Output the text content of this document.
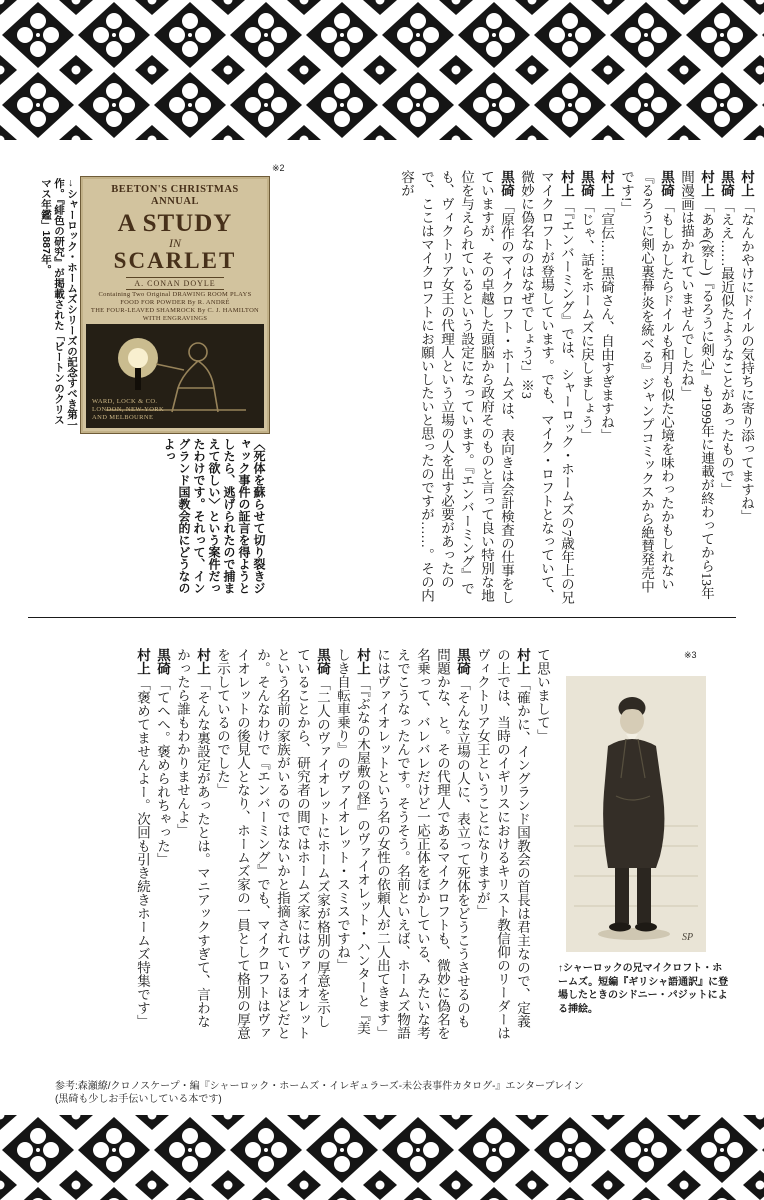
※2

村上「なんかやけにドイルの気持ちに寄り添ってますね」

黒碕「ええ……最近似たようなことがあったもので」

村上「ああ(察し)『るろうに剣心』も1999年に連載が終わってから13年間漫画は描かれていませんでしたね」

黒碕「もしかしたらドイルも和月も似た心境を味わったかもしれない『るろうに剣心裏幕-炎を統べる』ジャンプコミックスから絶賛発売中です!」

村上「宣伝……黒碕さん、自由すぎますね」

黒碕「じゃ、話をホームズに戻しましょう」

村上「『エンバーミング』では、シャーロック・ホームズの7歳年上の兄マイクロフトが登場しています。でも、マイク・ロフトとなっていて、微妙に偽名なのはなぜでしょう?」※3

黒碕「原作のマイクロフト・ホームズは、表向きは会計検査の仕事をしていますが、その卓越した頭脳から政府そのものと言って良い特別な地位を与えられているという設定になっています。『エンバーミング』でも、ヴィクトリア女王の代理人という立場の人を出す必要があったので、ここはマイクロフトにお願いしたいと思ったのですが……。その内容が

BEETON'S CHRISTMAS ANNUAL
A STUDY
IN
SCARLET
A. CONAN DOYLE
Containing Two Original DRAWING ROOM PLAYS
FOOD FOR POWDER By R. ANDRÉ
THE FOUR-LEAVED SHAMROCK By C. J. HAMILTON
WITH ENGRAVINGS
WARD, LOCK & CO.
LONDON, NEW-YORK
AND MELBOURNE
→シャーロック・ホームズシリーズの記念すべき第一作。『緋色の研究』が掲載された「ビートンのクリスマス年鑑」1887年。
〈死体を蘇らせて切り裂きジャック事件の証言を得ようとしたら、逃げられたので捕まえて欲しい〉という案件だったわけです。それって、イングランド国教会的にどうなのよっ
※3
SP
↑シャーロックの兄マイクロフト・ホームズ。短編『ギリシャ語通訳』に登場したときのシドニー・パジットによる挿絵。

て思いまして」

村上「確かに、イングランド国教会の首長は君主なので、定義の上では、当時のイギリスにおけるキリスト教信仰のリーダーはヴィクトリア女王ということになりますが」

黒碕「そんな立場の人に、表立って死体をどうこうさせるのも問題かな、と。その代理人であるマイクロフトも、微妙に偽名を名乗って、バレバレだけど一応正体をぼかしている、みたいな考えでこうなったんです。そうそう。名前といえば、ホームズ物語にはヴァイオレットという名の女性の依頼人が二人出てきます」

村上「『ぶなの木屋敷の怪』のヴァイオレット・ハンターと『美しき自転車乗り』のヴァイオレット・スミスですね」

黒碕「二人のヴァイオレットにホームズ家が格別の厚意を示していることから、研究者の間ではホームズ家にはヴァイオレットという名前の家族がいるのではないかと指摘されているほどだとか。そんなわけで『エンバーミング』でも、マイクロフトはヴァイオレットの後見人となり、ホームズ家の一員として格別の厚意を示しているのでした」

村上「そんな裏設定があったとは。マニアックすぎて、言わなかったら誰もわかりませんよ」

黒碕「てへへ。褒められちゃった」

村上「褒めてませんよー。次回も引き続きホームズ特集です」

参考:森瀬繚/クロノスケープ・編『シャーロック・ホームズ・イレギュラーズ-未公表事件カタログ-』エンターブレイン
(黒碕も少しお手伝いしている本です)
